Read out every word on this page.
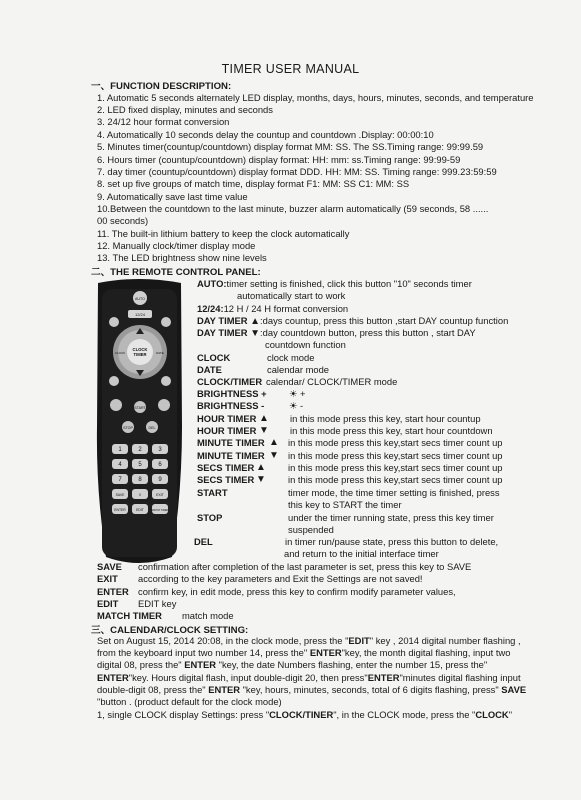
TIMER USER MANUAL
一、FUNCTION DESCRIPTION:
1. Automatic 5 seconds alternately LED display, months, days, hours, minutes, seconds, and temperature
2. LED fixed display, minutes and seconds
3. 24/12 hour format conversion
4. Automatically 10 seconds delay the countup and countdown .Display: 00:00:10
5. Minutes timer(countup/countdown) display format MM: SS. The SS.Timing range: 99:99.59
6. Hours timer (countup/countdown) display format: HH: mm: ss.Timing range: 99:99-59
7. day timer (countup/countdown) display format DDD. HH: MM: SS. Timing range: 999.23:59:59
8. set up five groups of match time, display format F1: MM: SS C1: MM: SS
9. Automatically save last time value
10.Between the countdown to the last minute, buzzer alarm automatically (59 seconds, 58 ......
00 seconds)
11. The built-in lithium battery to keep the clock automatically
12. Manually clock/timer display mode
13. The LED brightness show nine levels
二、THE REMOTE CONTROL PANEL:
AUTO
12/24
CLOCK
TIMER
CLOCK	DATE
START
STOP	DEL
1	2	3
4	5	6
7	8	9
SAVE	0	EXIT
ENTER	EDIT	MATCH TIMER
AUTO:timer setting is finished, click this button "10" seconds timer
automatically start to work
12/24:12 H / 24 H format conversion
DAY TIMER ▲:days countup, press this button ,start DAY countup function
DAY TIMER ▼:day countdown button, press this button , start DAY
countdown function
CLOCK	clock mode
DATE	calendar mode
CLOCK/TIMER calendar/ CLOCK/TIMER mode
BRIGHTNESS + ☀ +
BRIGHTNESS -	☀ -
HOUR TIMER ▲ in this mode press this key, start hour countup
HOUR TIMER ▼ in this mode press this key, start hour countdown
MINUTE TIMER ▲ in this mode press this key,start secs timer count up
MINUTE TIMER ▼ in this mode press this key,start secs timer count up
SECS TIMER ▲ in this mode press this key,start secs timer count up
SECS TIMER ▼ in this mode press this key,start secs timer count up
START	timer mode, the time timer setting is finished, press
this key to START the timer
STOP	under the timer running state, press this key timer
suspended
DEL	in timer run/pause state, press this button to delete,
and return to the initial interface timer
SAVE confirmation after completion of the last parameter is set, press this key to SAVE
EXIT according to the key parameters and Exit the Settings are not saved!
ENTER confirm key, in edit mode, press this key to confirm modify parameter values,
EDIT EDIT key
MATCH TIMER match mode
三、CALENDAR/CLOCK SETTING:
Set on August 15, 2014 20:08, in the clock mode, press the "EDIT" key , 2014 digital number flashing ,
from the keyboard input two number 14, press the" ENTER"key, the month digital flashing, input two
digital 08, press the" ENTER "key, the date Numbers flashing, enter the number 15, press the"
ENTER"key. Hours digital flash, input double-digit 20, then press"ENTER"minutes digital flashing input
double-digit 08, press the" ENTER "key, hours, minutes, seconds, total of 6 digits flashing, press" SAVE
"button . (product default for the clock mode)
1, single CLOCK display Settings: press "CLOCK/TINER", in the CLOCK mode, press the "CLOCK"
